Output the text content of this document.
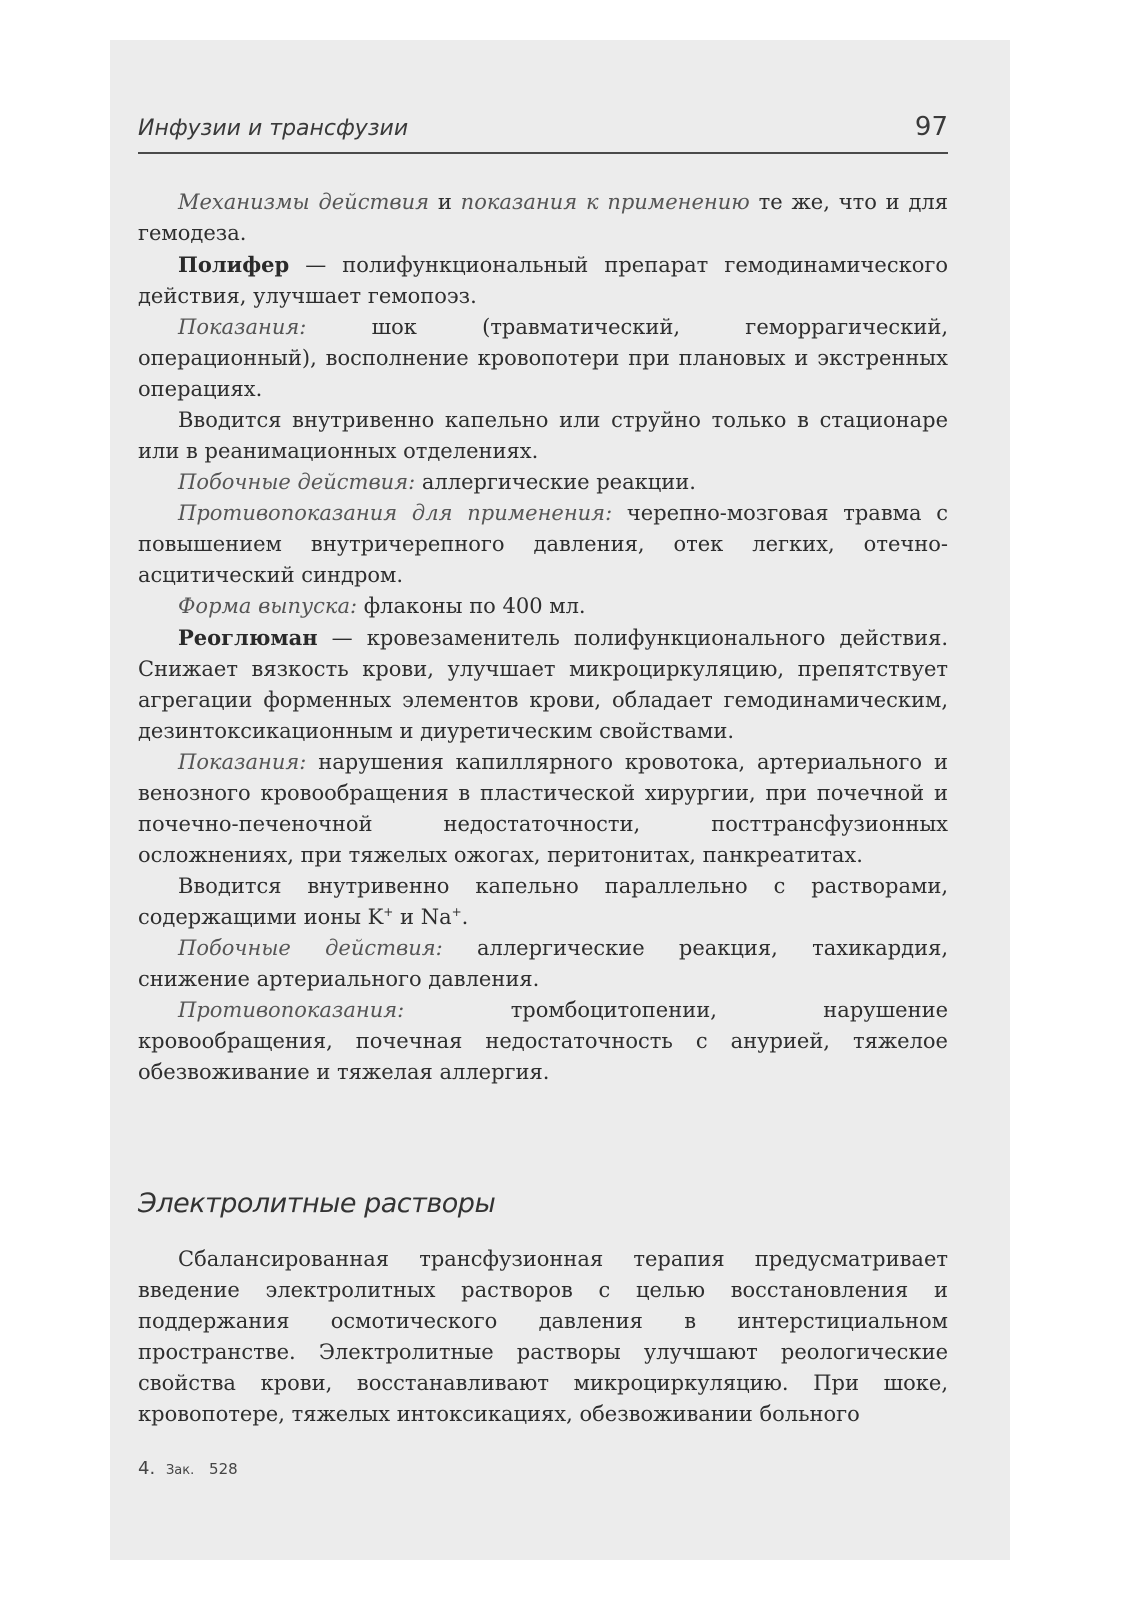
Инфузии и трансфузии	97

Механизмы действия и показания к применению те же, что и для гемодеза.

Полифер — полифункциональный препарат гемодинамического действия, улучшает гемопоэз.

Показания: шок (травматический, геморрагический, операционный), восполнение кровопотери при плановых и экстренных операциях.

Вводится внутривенно капельно или струйно только в стационаре или в реанимационных отделениях.

Побочные действия: аллергические реакции.

Противопоказания для применения: черепно-мозговая травма с повышением внутричерепного давления, отек легких, отечно-асцитический синдром.

Форма выпуска: флаконы по 400 мл.

Реоглюман — кровезаменитель полифункционального действия. Снижает вязкость крови, улучшает микроциркуляцию, препятствует агрегации форменных элементов крови, обладает гемодинамическим, дезинтоксикационным и диуретическим свойствами.

Показания: нарушения капиллярного кровотока, артериального и венозного кровообращения в пластической хирургии, при почечной и почечно-печеночной недостаточности, посттрансфузионных осложнениях, при тяжелых ожогах, перитонитах, панкреатитах.

Вводится внутривенно капельно параллельно с растворами, содержащими ионы K+ и Na+.

Побочные действия: аллергические реакция, тахикардия, снижение артериального давления.

Противопоказания: тромбоцитопении, нарушение кровообращения, почечная недостаточность с анурией, тяжелое обезвоживание и тяжелая аллергия.

Электролитные растворы

Сбалансированная трансфузионная терапия предусматривает введение электролитных растворов с целью восстановления и поддержания осмотического давления в интерстициальном пространстве. Электролитные растворы улучшают реологические свойства крови, восстанавливают микроциркуляцию. При шоке, кровопотере, тяжелых интоксикациях, обезвоживании больного

4. Зак. 528
